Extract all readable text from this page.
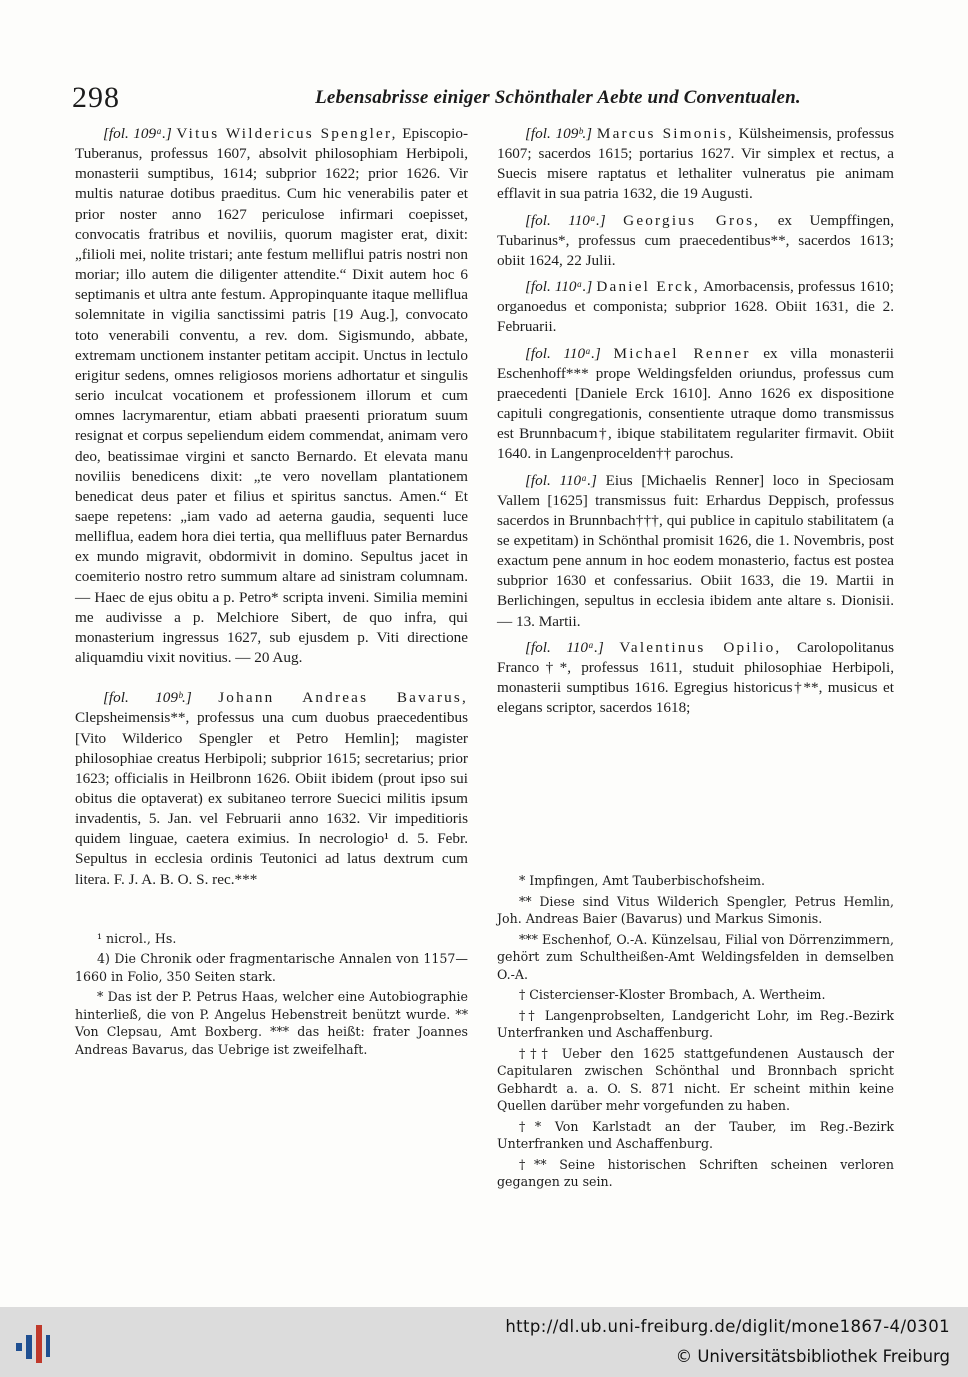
298	Lebensabrisse einiger Schönthaler Aebte und Conventualen.

[fol. 109ᵃ.] Vitus Wildericus Spengler, Episcopio-Tuberanus, professus 1607, absolvit philosophiam Herbipoli, monasterii sumptibus, 1614; subprior 1622; prior 1626. Vir multis naturae dotibus praeditus. Cum hic venerabilis pater et prior noster anno 1627 periculose infirmari coepisset, convocatis fratribus et noviliis, quorum magister erat, dixit: „filioli mei, nolite tristari; ante festum melliflui patris nostri non moriar; illo autem die diligenter attendite.“ Dixit autem hoc 6 septimanis et ultra ante festum. Appropinquante itaque melliflua solemnitate in vigilia sanctissimi patris [19 Aug.], convocato toto venerabili conventu, a rev. dom. Sigismundo, abbate, extremam unctionem instanter petitam accipit. Unctus in lectulo erigitur sedens, omnes religiosos moriens adhortatur et singulis serio inculcat vocationem et professionem illorum et cum omnes lacrymarentur, etiam abbati praesenti prioratum suum resignat et corpus sepeliendum eidem commendat, animam vero deo, beatissimae virgini et sancto Bernardo. Et elevata manu noviliis benedicens dixit: „te vero novellam plantationem benedicat deus pater et filius et spiritus sanctus. Amen.“ Et saepe repetens: „iam vado ad aeterna gaudia, sequenti luce melliflua, eadem hora diei tertia, qua mellifluus pater Bernardus ex mundo migravit, obdormivit in domino. Sepultus jacet in coemiterio nostro retro summum altare ad sinistram columnam. — Haec de ejus obitu a p. Petro* scripta inveni. Similia memini me audivisse a p. Melchiore Sibert, de quo infra, qui monasterium ingressus 1627, sub ejusdem p. Viti directione aliquamdiu vixit novitius. — 20 Aug.

[fol. 109ᵇ.] Johann Andreas Bavarus, Clepsheimensis**, professus una cum duobus praecedentibus [Vito Wilderico Spengler et Petro Hemlin]; magister philosophiae creatus Herbipoli; subprior 1615; secretarius; prior 1623; officialis in Heilbronn 1626. Obiit ibidem (prout ipso sui obitus die optaverat) ex subitaneo terrore Suecici militis ipsum invadentis, 5. Jan. vel Februarii anno 1632. Vir impeditioris quidem linguae, caetera eximius. In necrologio¹ d. 5. Febr. Sepultus in ecclesia ordinis Teutonici ad latus dextrum cum litera. F. J. A. B. O. S. rec.***

¹ nicrol., Hs.

4) Die Chronik oder fragmentarische Annalen von 1157—1660 in Folio, 350 Seiten stark.

* Das ist der P. Petrus Haas, welcher eine Autobiographie hinterließ, die von P. Angelus Hebenstreit benützt wurde. ** Von Clepsau, Amt Boxberg. *** das heißt: frater Joannes Andreas Bavarus, das Uebrige ist zweifelhaft.

[fol. 109ᵇ.] Marcus Simonis, Külsheimensis, professus 1607; sacerdos 1615; portarius 1627. Vir simplex et rectus, a Suecis misere raptatus et lethaliter vulneratus pie animam efflavit in sua patria 1632, die 19 Augusti.

[fol. 110ᵃ.] Georgius Gros, ex Uempffingen, Tubarinus*, professus cum praecedentibus**, sacerdos 1613; obiit 1624, 22 Julii.

[fol. 110ᵃ.] Daniel Erck, Amorbacensis, professus 1610; organoedus et componista; subprior 1628. Obiit 1631, die 2. Februarii.

[fol. 110ᵃ.] Michael Renner ex villa monasterii Eschenhoff*** prope Weldingsfelden oriundus, professus cum praecedenti [Daniele Erck 1610]. Anno 1626 ex dispositione capituli congregationis, consentiente utraque domo transmissus est Brunnbacum†, ibique stabilitatem regulariter firmavit. Obiit 1640. in Langenprocelden†† parochus.

[fol. 110ᵃ.] Eius [Michaelis Renner] loco in Speciosam Vallem [1625] transmissus fuit: Erhardus Deppisch, professus sacerdos in Brunnbach†††, qui publice in capitulo stabilitatem (a se expetitam) in Schönthal promisit 1626, die 1. Novembris, post exactum pene annum in hoc eodem monasterio, factus est postea subprior 1630 et confessarius. Obiit 1633, die 19. Martii in Berlichingen, sepultus in ecclesia ibidem ante altare s. Dionisii. — 13. Martii.

[fol. 110ᵃ.] Valentinus Opilio, Carolopolitanus Franco†*, professus 1611, studuit philosophiae Herbipoli, monasterii sumptibus 1616. Egregius historicus†**, musicus et elegans scriptor, sacerdos 1618;

* Impfingen, Amt Tauberbischofsheim.

** Diese sind Vitus Wilderich Spengler, Petrus Hemlin, Joh. Andreas Baier (Bavarus) und Markus Simonis.

*** Eschenhof, O.-A. Künzelsau, Filial von Dörrenzimmern, gehört zum Schultheißen-Amt Weldingsfelden in demselben O.-A.

† Cistercienser-Kloster Brombach, A. Wertheim.

†† Langenprobselten, Landgericht Lohr, im Reg.-Bezirk Unterfranken und Aschaffenburg.

††† Ueber den 1625 stattgefundenen Austausch der Capitularen zwischen Schönthal und Bronnbach spricht Gebhardt a. a. O. S. 871 nicht. Er scheint mithin keine Quellen darüber mehr vorgefunden zu haben.

†* Von Karlstadt an der Tauber, im Reg.-Bezirk Unterfranken und Aschaffenburg.

†** Seine historischen Schriften scheinen verloren gegangen zu sein.

http://dl.ub.uni-freiburg.de/diglit/mone1867-4/0301
© Universitätsbibliothek Freiburg
